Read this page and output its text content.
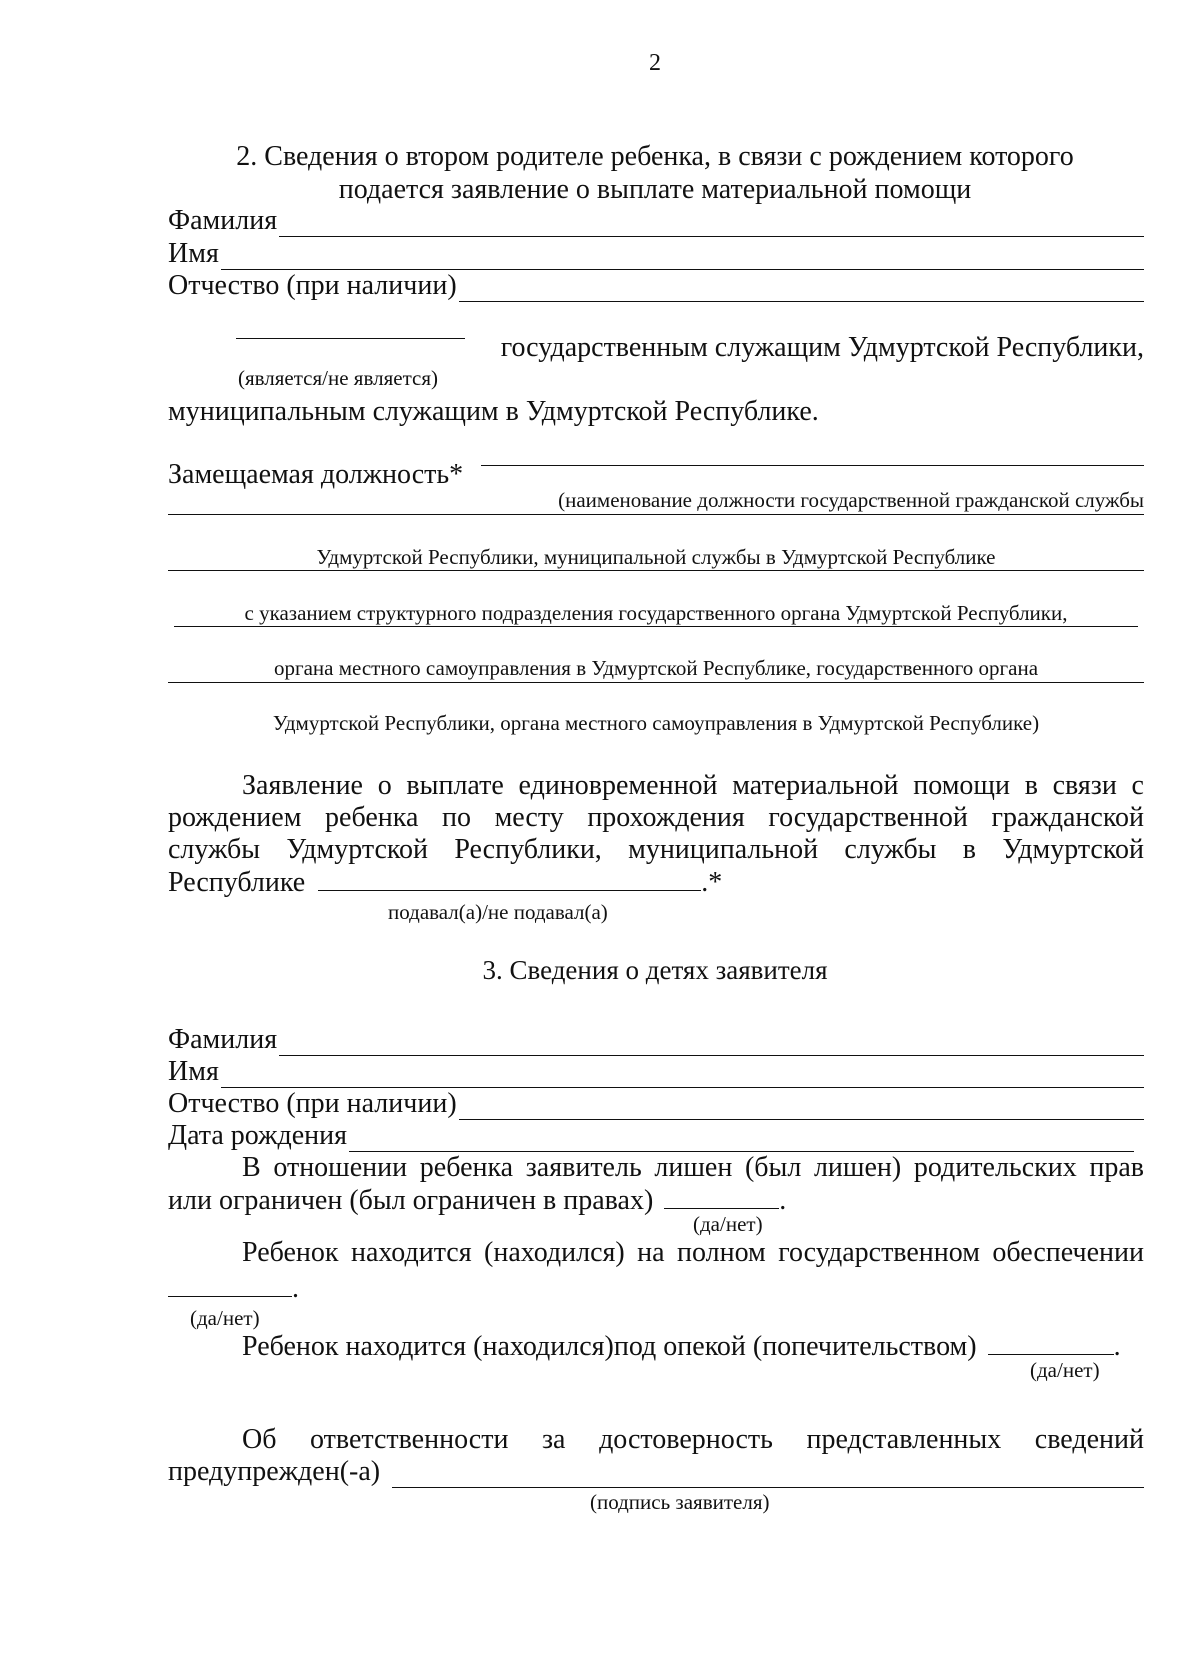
2
2. Сведения о втором родителе ребенка, в связи с рождением которого
подается заявление о выплате материальной помощи
Фамилия
Имя
Отчество (при наличии)
государственным служащим Удмуртской Республики,
(является/не является)
муниципальным служащим в Удмуртской Республике.
Замещаемая должность*
(наименование должности государственной гражданской службы
Удмуртской Республики, муниципальной службы в Удмуртской Республике
с указанием структурного подразделения государственного органа Удмуртской Республики,
органа местного самоуправления в Удмуртской Республике, государственного органа
Удмуртской Республики, органа местного самоуправления в Удмуртской Республике)
Заявление о выплате единовременной материальной помощи в связи с
рождением ребенка по месту прохождения государственной гражданской
службы Удмуртской Республики, муниципальной службы в Удмуртской
Республике	.*
подавал(а)/не подавал(а)
3. Сведения о детях заявителя
Фамилия
Имя
Отчество (при наличии)
Дата рождения
В отношении ребенка заявитель лишен (был лишен) родительских прав
или ограничен (был ограничен в правах)	.
(да/нет)
Ребенок находится (находился) на полном государственном обеспечении
.
(да/нет)
Ребенок находится (находился)под опекой (попечительством)	.
(да/нет)
Об ответственности за достоверность представленных сведений
предупрежден(-а)
(подпись заявителя)
